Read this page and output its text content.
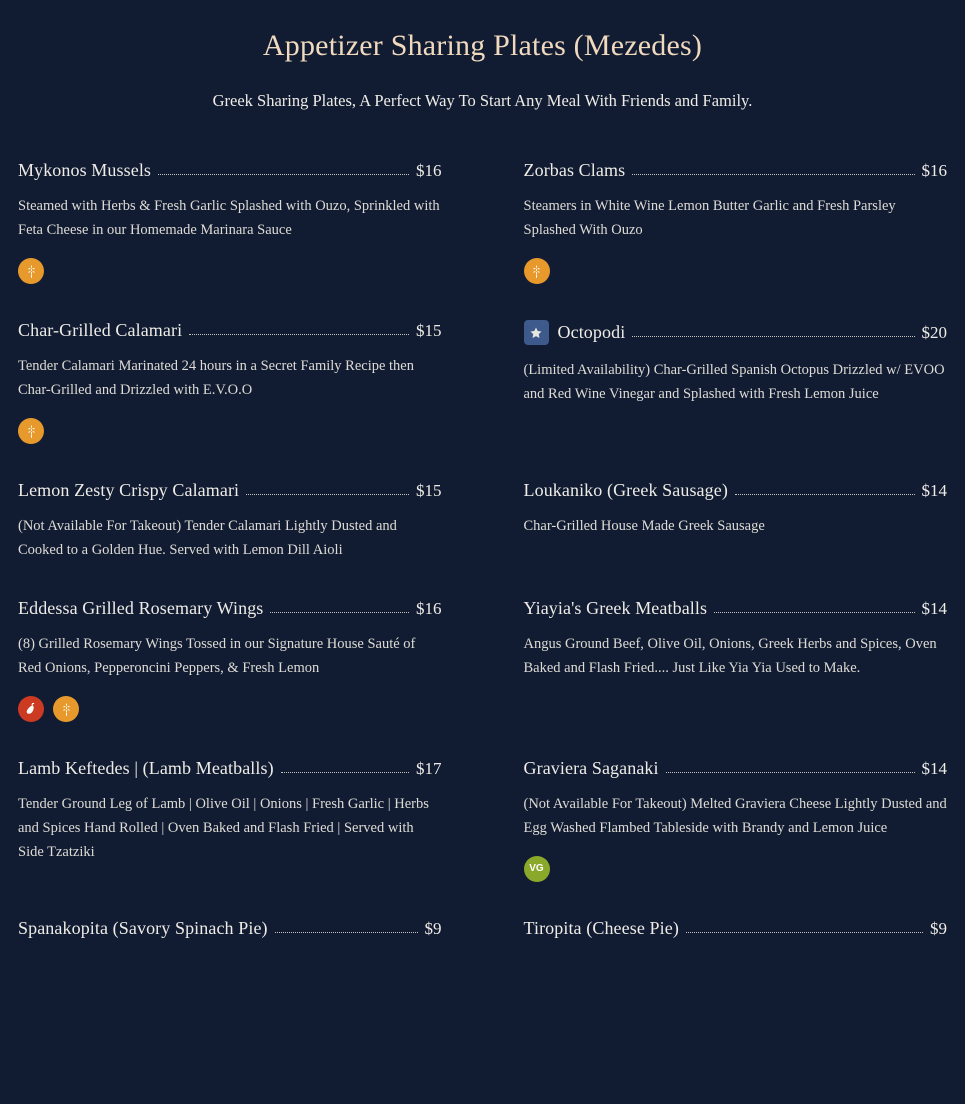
Appetizer Sharing Plates (Mezedes)

Greek Sharing Plates, A Perfect Way To Start Any Meal With Friends and Family.

Mykonos Mussels	$16
Steamed with Herbs & Fresh Garlic Splashed with Ouzo, Sprinkled with Feta Cheese in our Homemade Marinara Sauce
Zorbas Clams	$16
Steamers in White Wine Lemon Butter Garlic and Fresh Parsley Splashed With Ouzo
Char-Grilled Calamari	$15
Tender Calamari Marinated 24 hours in a Secret Family Recipe then Char-Grilled and Drizzled with E.V.O.O
Octopodi	$20
(Limited Availability) Char-Grilled Spanish Octopus Drizzled w/ EVOO and Red Wine Vinegar and Splashed with Fresh Lemon Juice
Lemon Zesty Crispy Calamari	$15
(Not Available For Takeout) Tender Calamari Lightly Dusted and Cooked to a Golden Hue. Served with Lemon Dill Aioli
Loukaniko (Greek Sausage)	$14
Char-Grilled House Made Greek Sausage
Eddessa Grilled Rosemary Wings	$16
(8) Grilled Rosemary Wings Tossed in our Signature House Sauté of Red Onions, Pepperoncini Peppers, & Fresh Lemon
Yiayia's Greek Meatballs	$14
Angus Ground Beef, Olive Oil, Onions, Greek Herbs and Spices, Oven Baked and Flash Fried.... Just Like Yia Yia Used to Make.
Lamb Keftedes | (Lamb Meatballs)	$17
Tender Ground Leg of Lamb | Olive Oil | Onions | Fresh Garlic | Herbs and Spices Hand Rolled | Oven Baked and Flash Fried | Served with Side Tzatziki
Graviera Saganaki	$14
(Not Available For Takeout) Melted Graviera Cheese Lightly Dusted and Egg Washed Flambed Tableside with Brandy and Lemon Juice
VG
Spanakopita (Savory Spinach Pie)	$9	Tiropita (Cheese Pie)	$9
